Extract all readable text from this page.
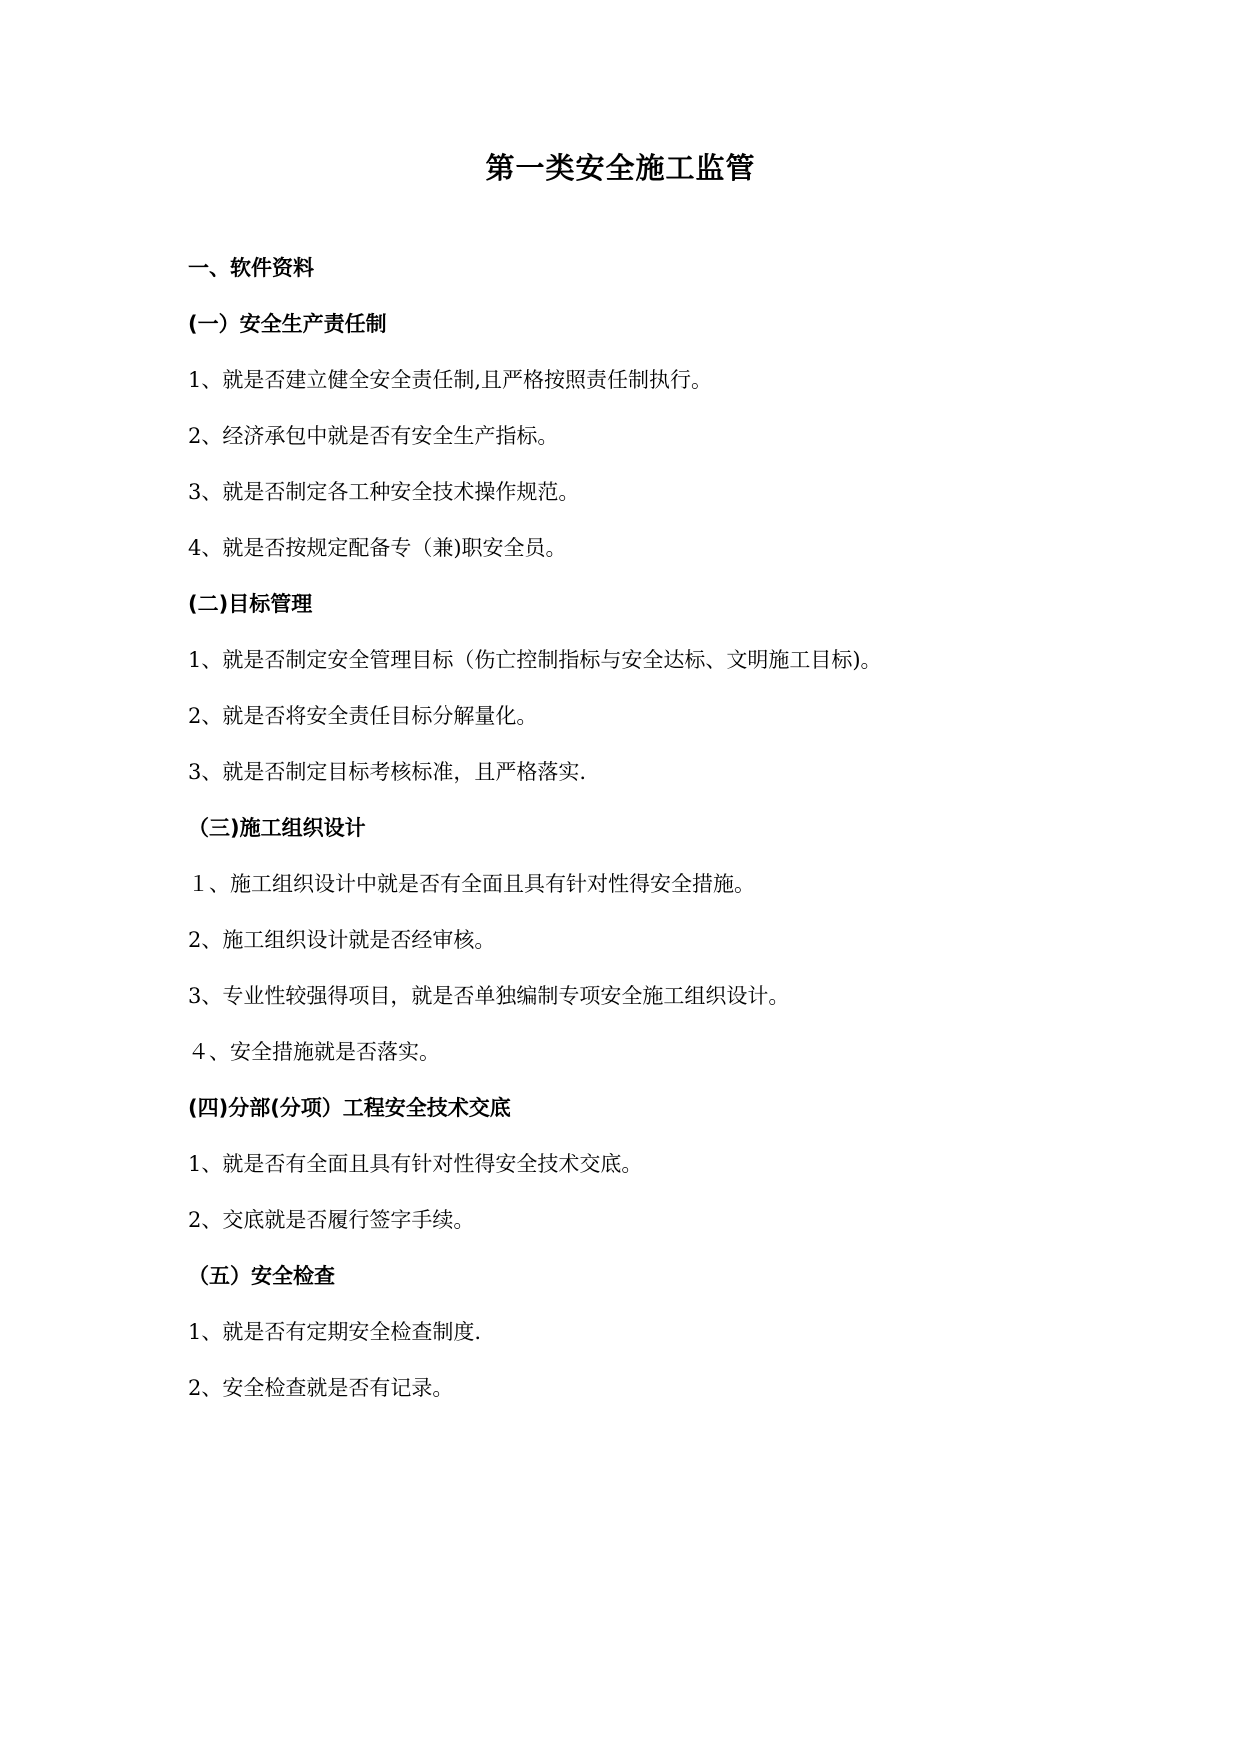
第一类安全施工监管
一、软件资料
(一）安全生产责任制
1、就是否建立健全安全责任制,且严格按照责任制执行。
2、经济承包中就是否有安全生产指标。
3、就是否制定各工种安全技术操作规范。
4、就是否按规定配备专（兼)职安全员。
(二)目标管理
1、就是否制定安全管理目标（伤亡控制指标与安全达标、文明施工目标)。
2、就是否将安全责任目标分解量化。
3、就是否制定目标考核标准，且严格落实.
（三)施工组织设计
１、施工组织设计中就是否有全面且具有针对性得安全措施。
2、施工组织设计就是否经审核。
3、专业性较强得项目，就是否单独编制专项安全施工组织设计。
４、安全措施就是否落实。
(四)分部(分项）工程安全技术交底
1、就是否有全面且具有针对性得安全技术交底。
2、交底就是否履行签字手续。
（五）安全检查
1、就是否有定期安全检查制度.
2、安全检查就是否有记录。
